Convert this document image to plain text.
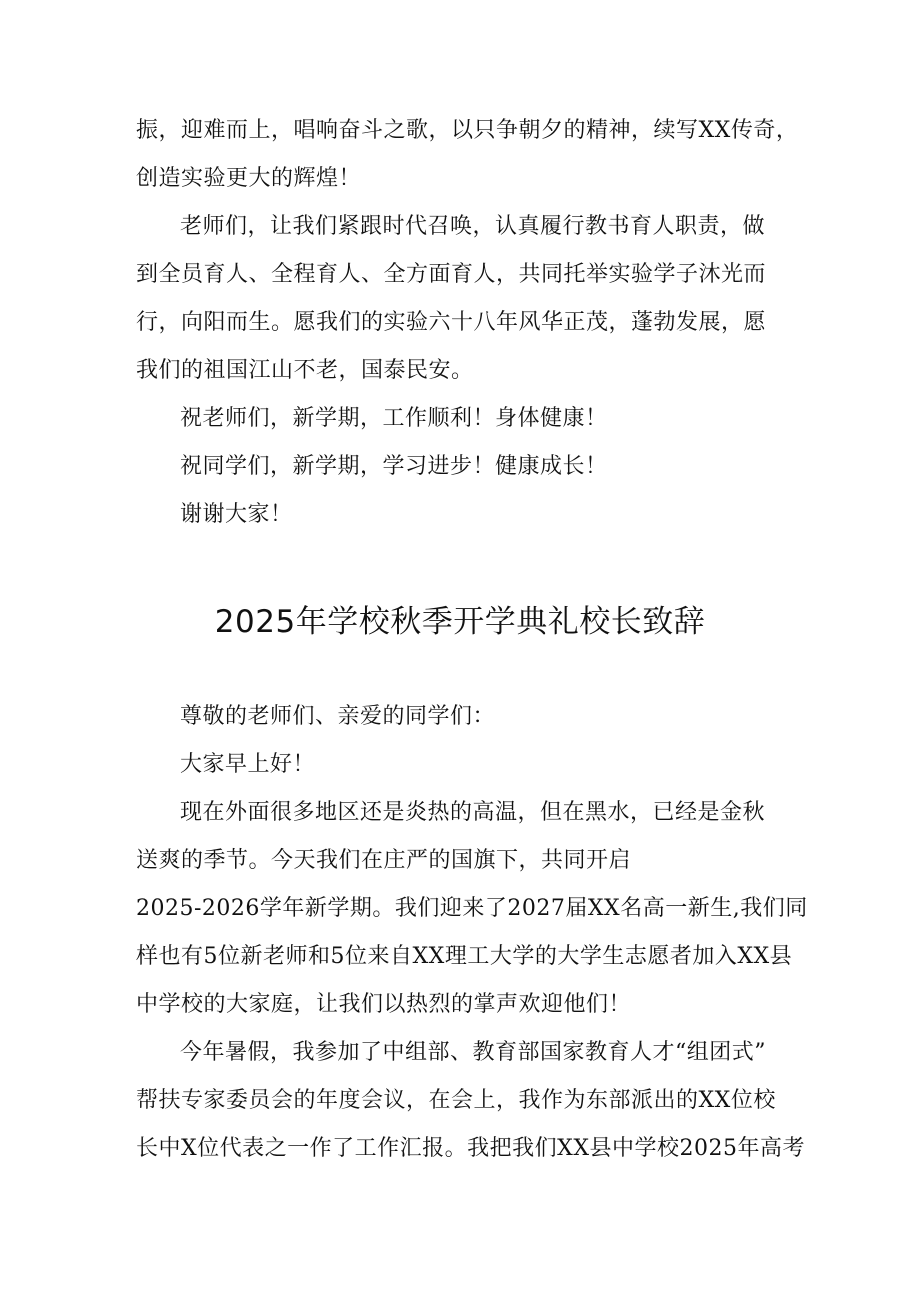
振，迎难而上，唱响奋斗之歌，以只争朝夕的精神，续写XX传奇，
创造实验更大的辉煌！
老师们，让我们紧跟时代召唤，认真履行教书育人职责，做
到全员育人、全程育人、全方面育人，共同托举实验学子沐光而
行，向阳而生。愿我们的实验六十八年风华正茂，蓬勃发展，愿
我们的祖国江山不老，国泰民安。
祝老师们，新学期，工作顺利！身体健康！
祝同学们，新学期，学习进步！健康成长！
谢谢大家！
2025年学校秋季开学典礼校长致辞
尊敬的老师们、亲爱的同学们：
大家早上好！
现在外面很多地区还是炎热的高温，但在黑水，已经是金秋
送爽的季节。今天我们在庄严的国旗下，共同开启
2025-2026学年新学期。我们迎来了2027届XX名高一新生,我们同
样也有5位新老师和5位来自XX理工大学的大学生志愿者加入XX县
中学校的大家庭，让我们以热烈的掌声欢迎他们！
今年暑假，我参加了中组部、教育部国家教育人才“组团式”
帮扶专家委员会的年度会议，在会上，我作为东部派出的XX位校
长中X位代表之一作了工作汇报。我把我们XX县中学校2025年高考
